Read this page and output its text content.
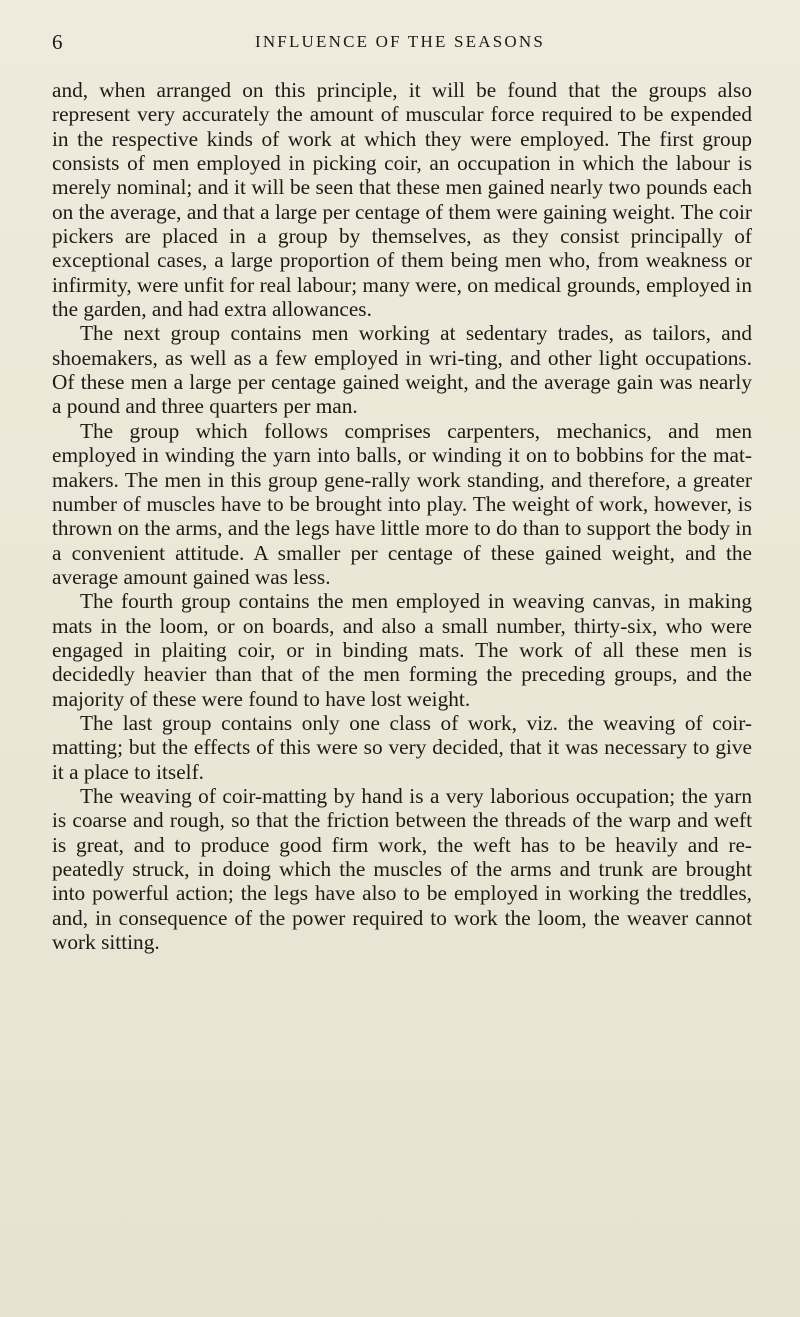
6	INFLUENCE OF THE SEASONS

and, when arranged on this principle, it will be found that the groups also represent very accurately the amount of muscular force required to be expended in the respective kinds of work at which they were employed. The first group consists of men employed in picking coir, an occupation in which the labour is merely nominal; and it will be seen that these men gained nearly two pounds each on the average, and that a large per centage of them were gaining weight. The coir pickers are placed in a group by themselves, as they consist principally of exceptional cases, a large proportion of them being men who, from weakness or infirmity, were unfit for real labour; many were, on medical grounds, employed in the garden, and had extra allowances.

The next group contains men working at sedentary trades, as tailors, and shoemakers, as well as a few employed in wri-ting, and other light occupations. Of these men a large per centage gained weight, and the average gain was nearly a pound and three quarters per man.

The group which follows comprises carpenters, mechanics, and men employed in winding the yarn into balls, or winding it on to bobbins for the mat-makers. The men in this group gene-rally work standing, and therefore, a greater number of muscles have to be brought into play. The weight of work, however, is thrown on the arms, and the legs have little more to do than to support the body in a convenient attitude. A smaller per centage of these gained weight, and the average amount gained was less.

The fourth group contains the men employed in weaving canvas, in making mats in the loom, or on boards, and also a small number, thirty-six, who were engaged in plaiting coir, or in binding mats. The work of all these men is decidedly heavier than that of the men forming the preceding groups, and the majority of these were found to have lost weight.

The last group contains only one class of work, viz. the weaving of coir-matting; but the effects of this were so very decided, that it was necessary to give it a place to itself.

The weaving of coir-matting by hand is a very laborious occupation; the yarn is coarse and rough, so that the friction between the threads of the warp and weft is great, and to produce good firm work, the weft has to be heavily and re-peatedly struck, in doing which the muscles of the arms and trunk are brought into powerful action; the legs have also to be employed in working the treddles, and, in consequence of the power required to work the loom, the weaver cannot work sitting.
